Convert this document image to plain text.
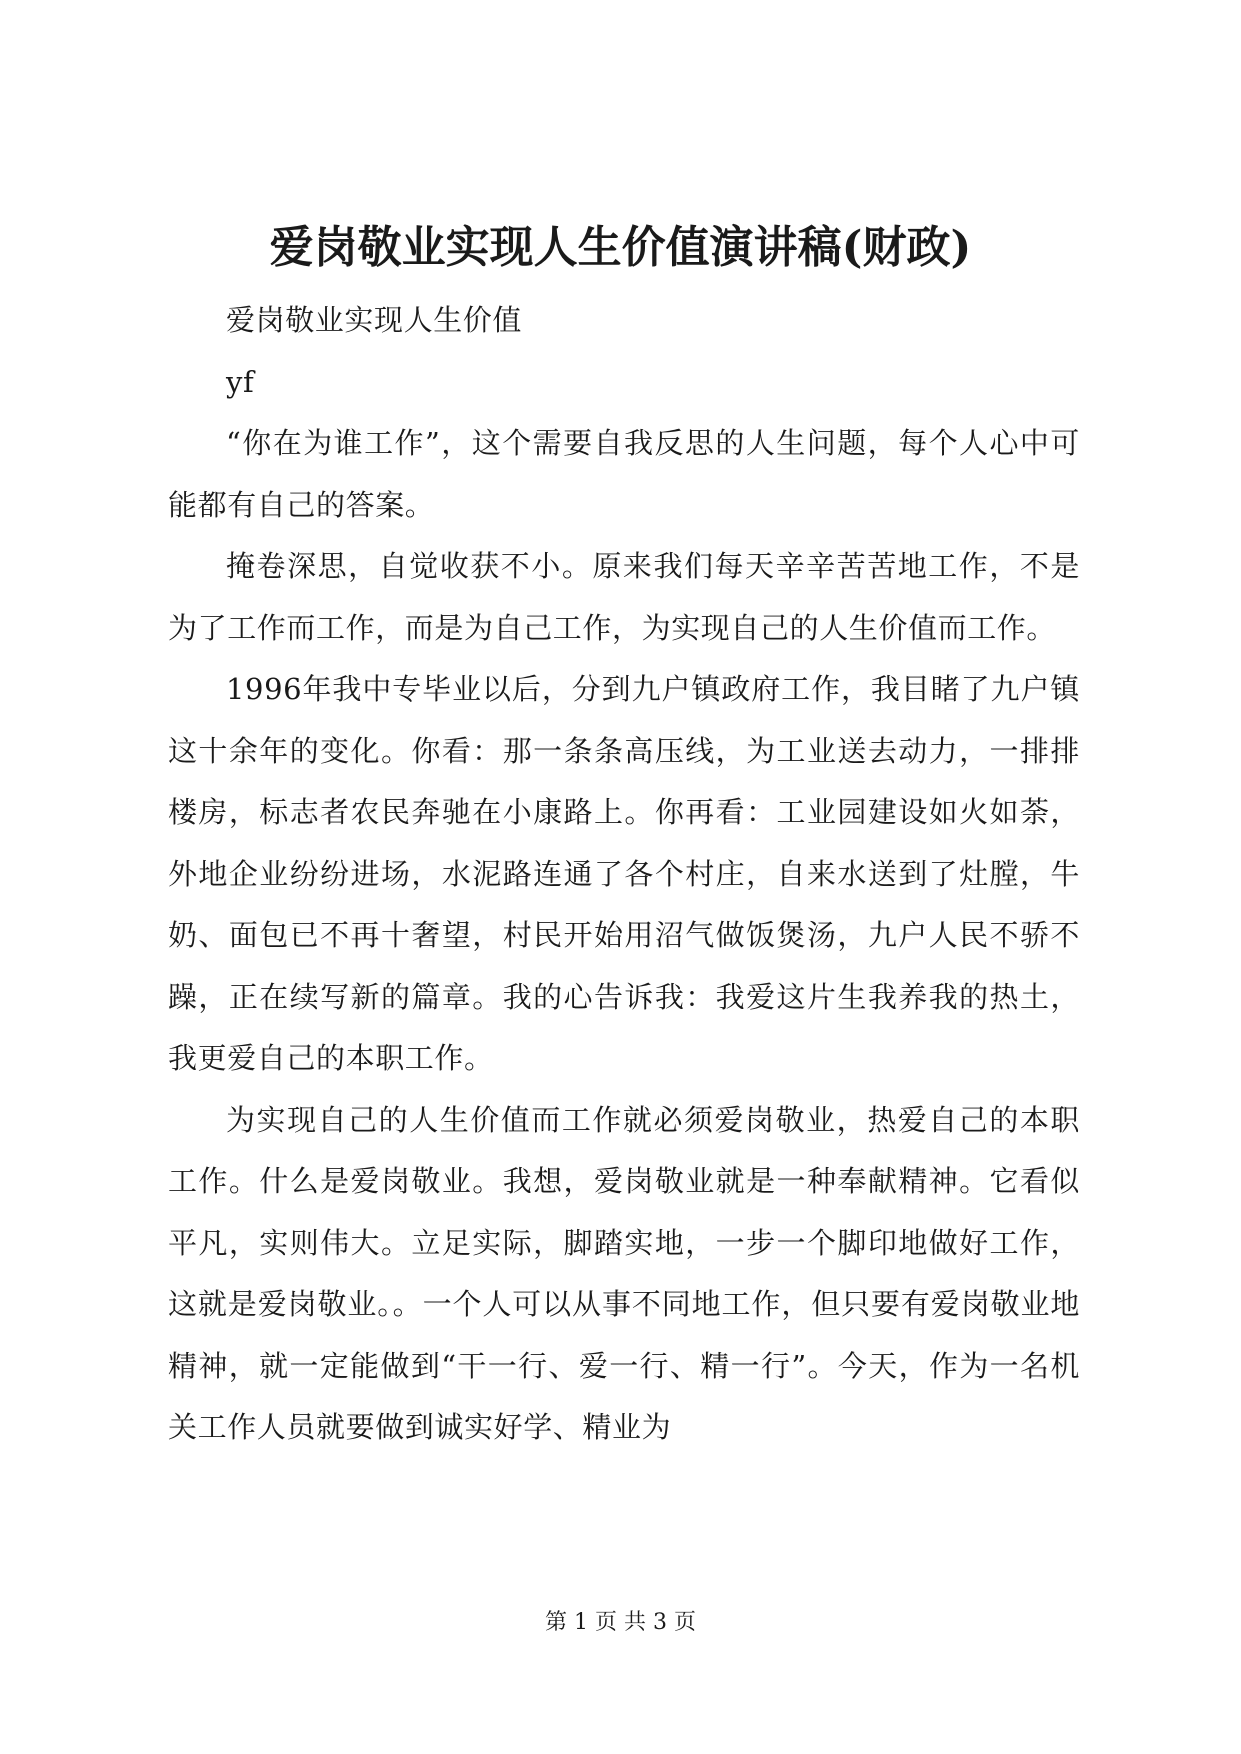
爱岗敬业实现人生价值演讲稿(财政)

爱岗敬业实现人生价值

yf

“你在为谁工作”，这个需要自我反思的人生问题，每个人心中可能都有自己的答案。

掩卷深思，自觉收获不小。原来我们每天辛辛苦苦地工作，不是为了工作而工作，而是为自己工作，为实现自己的人生价值而工作。

1996年我中专毕业以后，分到九户镇政府工作，我目睹了九户镇这十余年的变化。你看：那一条条高压线，为工业送去动力，一排排楼房，标志者农民奔驰在小康路上。你再看：工业园建设如火如荼，外地企业纷纷进场，水泥路连通了各个村庄，自来水送到了灶膛，牛奶、面包已不再十奢望，村民开始用沼气做饭煲汤，九户人民不骄不躁，正在续写新的篇章。我的心告诉我：我爱这片生我养我的热土，我更爱自己的本职工作。

为实现自己的人生价值而工作就必须爱岗敬业，热爱自己的本职工作。什么是爱岗敬业。我想，爱岗敬业就是一种奉献精神。它看似平凡，实则伟大。立足实际，脚踏实地，一步一个脚印地做好工作，这就是爱岗敬业。。一个人可以从事不同地工作，但只要有爱岗敬业地精神，就一定能做到“干一行、爱一行、精一行”。今天，作为一名机关工作人员就要做到诚实好学、精业为

第 1 页 共 3 页
